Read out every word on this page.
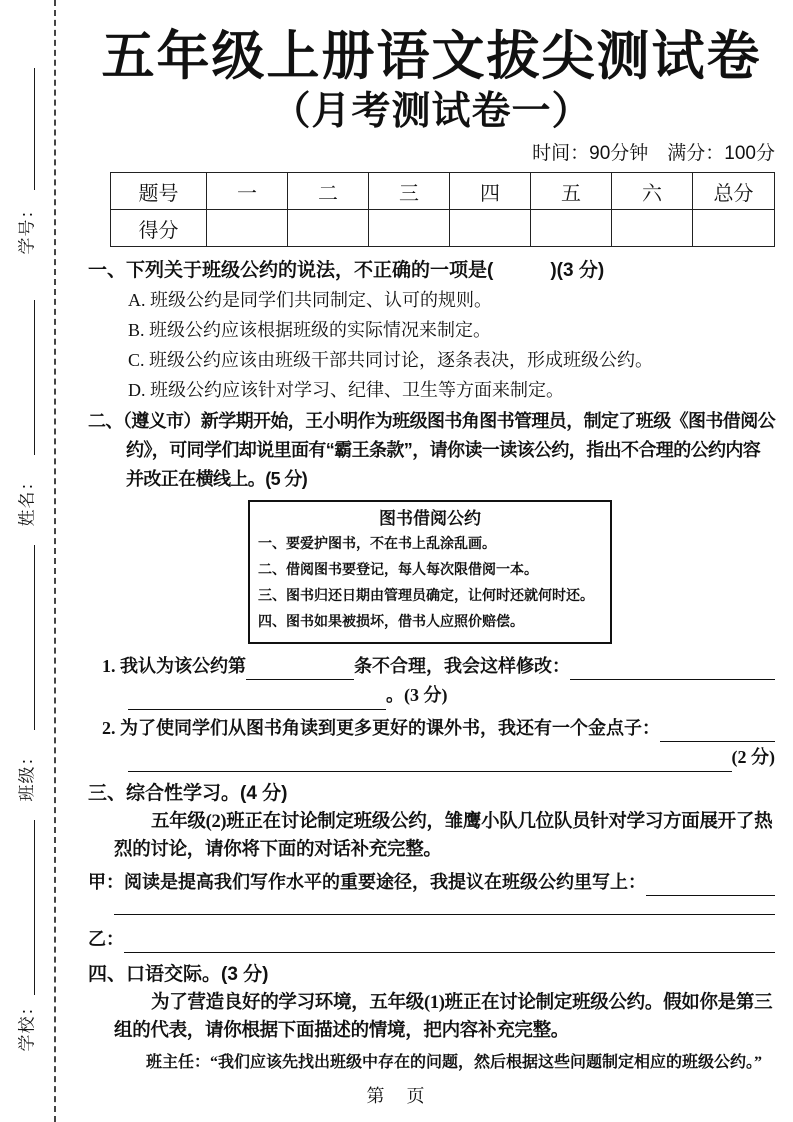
学号：
姓名：
班级：
学校：
五年级上册语文拔尖测试卷
（月考测试卷一）
时间：90分钟　满分：100分
题号	一	二	三	四	五	六	总分
得分							
一、下列关于班级公约的说法，不正确的一项是(　　　)(3 分)
A. 班级公约是同学们共同制定、认可的规则。
B. 班级公约应该根据班级的实际情况来制定。
C. 班级公约应该由班级干部共同讨论，逐条表决，形成班级公约。
D. 班级公约应该针对学习、纪律、卫生等方面来制定。
二、（遵义市）新学期开始，王小明作为班级图书角图书管理员，制定了班级《图书借阅公约》，可同学们却说里面有“霸王条款”，请你读一读该公约，指出不合理的公约内容并改正在横线上。(5 分)
图书借阅公约
一、要爱护图书，不在书上乱涂乱画。
二、借阅图书要登记，每人每次限借阅一本。
三、图书归还日期由管理员确定，让何时还就何时还。
四、图书如果被损坏，借书人应照价赔偿。
1. 我认为该公约第	条不合理，我会这样修改：
。(3 分)
2. 为了使同学们从图书角读到更多更好的课外书，我还有一个金点子：
(2 分)
三、综合性学习。(4 分)
五年级(2)班正在讨论制定班级公约，雏鹰小队几位队员针对学习方面展开了热烈的讨论，请你将下面的对话补充完整。
甲：阅读是提高我们写作水平的重要途径，我提议在班级公约里写上：
乙：
四、口语交际。(3 分)
为了营造良好的学习环境，五年级(1)班正在讨论制定班级公约。假如你是第三组的代表，请你根据下面描述的情境，把内容补充完整。
班主任：“我们应该先找出班级中存在的问题，然后根据这些问题制定相应的班级公约。”
第　页
